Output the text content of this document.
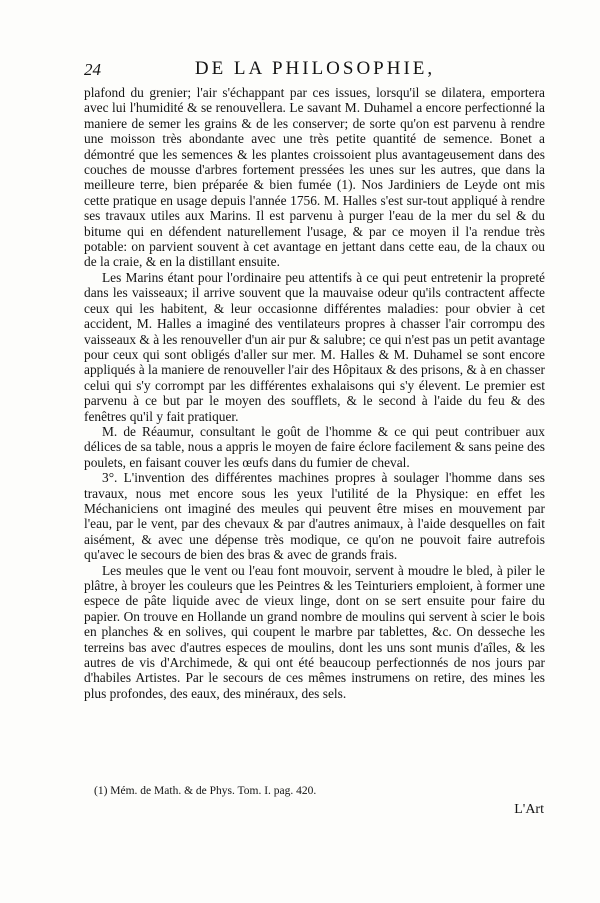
24	DE LA PHILOSOPHIE,

plafond du grenier; l'air s'échappant par ces issues, lorsqu'il se dilatera, emportera avec lui l'humidité & se renouvellera. Le savant M. Duhamel a encore perfectionné la maniere de semer les grains & de les conserver; de sorte qu'on est parvenu à rendre une moisson très abondante avec une très petite quantité de semence. Bonet a démontré que les semences & les plantes croissoient plus avantageusement dans des couches de mousse d'arbres fortement pressées les unes sur les autres, que dans la meilleure terre, bien préparée & bien fumée (1). Nos Jardiniers de Leyde ont mis cette pratique en usage depuis l'année 1756. M. Halles s'est sur-tout appliqué à rendre ses travaux utiles aux Marins. Il est parvenu à purger l'eau de la mer du sel & du bitume qui en défendent naturellement l'usage, & par ce moyen il l'a rendue très potable: on parvient souvent à cet avantage en jettant dans cette eau, de la chaux ou de la craie, & en la distillant ensuite.

Les Marins étant pour l'ordinaire peu attentifs à ce qui peut entretenir la propreté dans les vaisseaux; il arrive souvent que la mauvaise odeur qu'ils contractent affecte ceux qui les habitent, & leur occasionne différentes maladies: pour obvier à cet accident, M. Halles a imaginé des ventilateurs propres à chasser l'air corrompu des vaisseaux & à les renouveller d'un air pur & salubre; ce qui n'est pas un petit avantage pour ceux qui sont obligés d'aller sur mer. M. Halles & M. Duhamel se sont encore appliqués à la maniere de renouveller l'air des Hôpitaux & des prisons, & à en chasser celui qui s'y corrompt par les différentes exhalaisons qui s'y élevent. Le premier est parvenu à ce but par le moyen des soufflets, & le second à l'aide du feu & des fenêtres qu'il y fait pratiquer.

M. de Réaumur, consultant le goût de l'homme & ce qui peut contribuer aux délices de sa table, nous a appris le moyen de faire éclore facilement & sans peine des poulets, en faisant couver les œufs dans du fumier de cheval.

3°. L'invention des différentes machines propres à soulager l'homme dans ses travaux, nous met encore sous les yeux l'utilité de la Physique: en effet les Méchaniciens ont imaginé des meules qui peuvent être mises en mouvement par l'eau, par le vent, par des chevaux & par d'autres animaux, à l'aide desquelles on fait aisément, & avec une dépense très modique, ce qu'on ne pouvoit faire autrefois qu'avec le secours de bien des bras & avec de grands frais.

Les meules que le vent ou l'eau font mouvoir, servent à moudre le bled, à piler le plâtre, à broyer les couleurs que les Peintres & les Teinturiers emploient, à former une espece de pâte liquide avec de vieux linge, dont on se sert ensuite pour faire du papier. On trouve en Hollande un grand nombre de moulins qui servent à scier le bois en planches & en solives, qui coupent le marbre par tablettes, &c. On desseche les terreins bas avec d'autres especes de moulins, dont les uns sont munis d'aîles, & les autres de vis d'Archimede, & qui ont été beaucoup perfectionnés de nos jours par d'habiles Artistes. Par le secours de ces mêmes instrumens on retire, des mines les plus profondes, des eaux, des minéraux, des sels.

(1) Mém. de Math. & de Phys. Tom. I. pag. 420.
L'Art
